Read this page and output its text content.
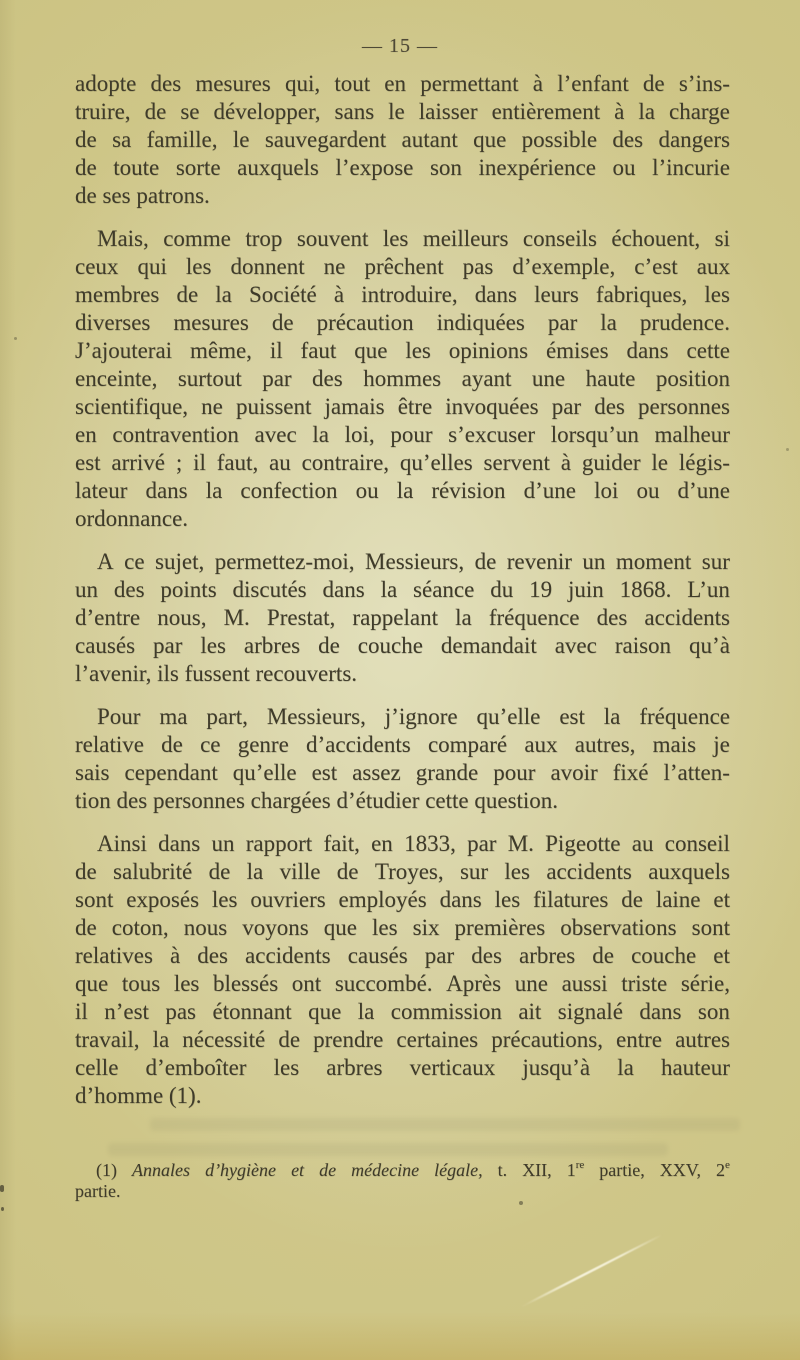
— 15 —
adopte des mesures qui, tout en permettant à l’enfant de s’ins-
truire, de se développer, sans le laisser entièrement à la charge
de sa famille, le sauvegardent autant que possible des dangers
de toute sorte auxquels l’expose son inexpérience ou l’incurie
de ses patrons.
Mais, comme trop souvent les meilleurs conseils échouent, si
ceux qui les donnent ne prêchent pas d’exemple, c’est aux
membres de la Société à introduire, dans leurs fabriques, les
diverses mesures de précaution indiquées par la prudence.
J’ajouterai même, il faut que les opinions émises dans cette
enceinte, surtout par des hommes ayant une haute position
scientifique, ne puissent jamais être invoquées par des personnes
en contravention avec la loi, pour s’excuser lorsqu’un malheur
est arrivé ; il faut, au contraire, qu’elles servent à guider le légis-
lateur dans la confection ou la révision d’une loi ou d’une
ordonnance.
A ce sujet, permettez-moi, Messieurs, de revenir un moment sur
un des points discutés dans la séance du 19 juin 1868. L’un
d’entre nous, M. Prestat, rappelant la fréquence des accidents
causés par les arbres de couche demandait avec raison qu’à
l’avenir, ils fussent recouverts.
Pour ma part, Messieurs, j’ignore qu’elle est la fréquence
relative de ce genre d’accidents comparé aux autres, mais je
sais cependant qu’elle est assez grande pour avoir fixé l’atten-
tion des personnes chargées d’étudier cette question.
Ainsi dans un rapport fait, en 1833, par M. Pigeotte au conseil
de salubrité de la ville de Troyes, sur les accidents auxquels
sont exposés les ouvriers employés dans les filatures de laine et
de coton, nous voyons que les six premières observations sont
relatives à des accidents causés par des arbres de couche et
que tous les blessés ont succombé. Après une aussi triste série,
il n’est pas étonnant que la commission ait signalé dans son
travail, la nécessité de prendre certaines précautions, entre autres
celle d’emboîter les arbres verticaux jusqu’à la hauteur
d’homme (1).
(1) Annales d’hygiène et de médecine légale, t. XII, 1re partie, XXV, 2e
partie.
